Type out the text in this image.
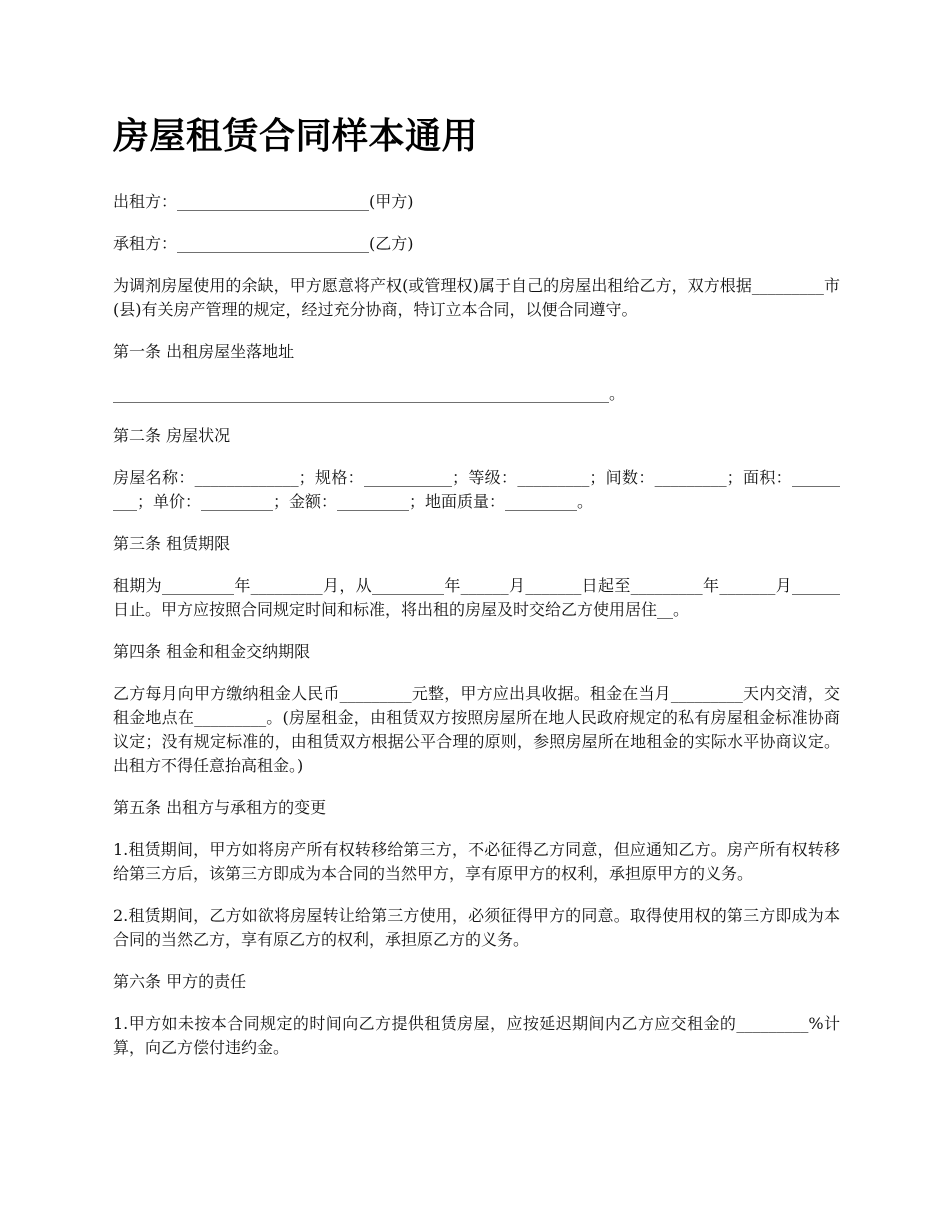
房屋租赁合同样本通用

出租方：________________________(甲方)

承租方：________________________(乙方)

为调剂房屋使用的余缺，甲方愿意将产权(或管理权)属于自己的房屋出租给乙方，双方根据_________市(县)有关房产管理的规定，经过充分协商，特订立本合同，以便合同遵守。

第一条 出租房屋坐落地址

______________________________________________________________。

第二条 房屋状况

房屋名称：_____________；规格：___________；等级：_________；间数：_________；面积：_________；单价：_________；金额：_________；地面质量：_________。

第三条 租赁期限

租期为_________年_________月，从_________年______月_______日起至_________年_______月______日止。甲方应按照合同规定时间和标准，将出租的房屋及时交给乙方使用居住__。

第四条 租金和租金交纳期限

乙方每月向甲方缴纳租金人民币_________元整，甲方应出具收据。租金在当月_________天内交清，交租金地点在_________。(房屋租金，由租赁双方按照房屋所在地人民政府规定的私有房屋租金标准协商议定；没有规定标准的，由租赁双方根据公平合理的原则，参照房屋所在地租金的实际水平协商议定。出租方不得任意抬高租金。)

第五条 出租方与承租方的变更

1.租赁期间，甲方如将房产所有权转移给第三方，不必征得乙方同意，但应通知乙方。房产所有权转移给第三方后，该第三方即成为本合同的当然甲方，享有原甲方的权利，承担原甲方的义务。

2.租赁期间，乙方如欲将房屋转让给第三方使用，必须征得甲方的同意。取得使用权的第三方即成为本合同的当然乙方，享有原乙方的权利，承担原乙方的义务。

第六条 甲方的责任

1.甲方如未按本合同规定的时间向乙方提供租赁房屋，应按延迟期间内乙方应交租金的_________%计算，向乙方偿付违约金。
